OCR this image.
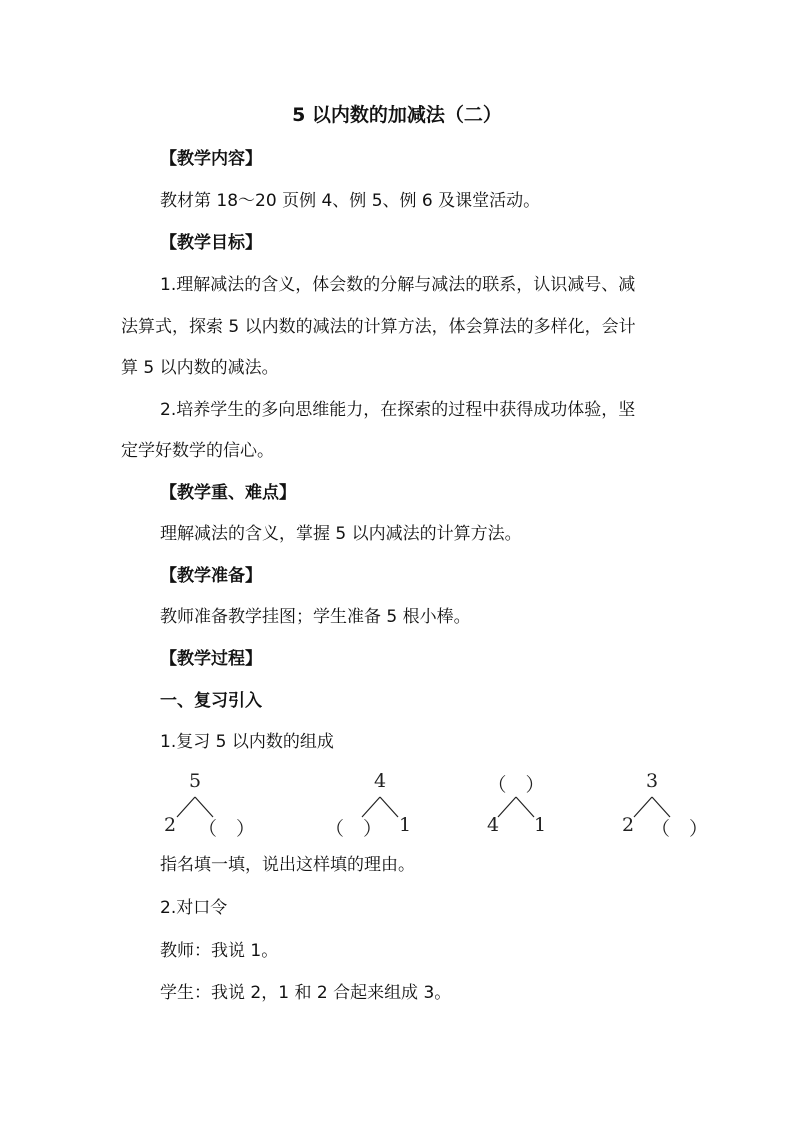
5 以内数的加减法（二）
【教学内容】
教材第 18～20 页例 4、例 5、例 6 及课堂活动。
【教学目标】
1.理解减法的含义，体会数的分解与减法的联系，认识减号、减
法算式，探索 5 以内数的减法的计算方法，体会算法的多样化，会计
算 5 以内数的减法。
2.培养学生的多向思维能力，在探索的过程中获得成功体验，坚
定学好数学的信心。
【教学重、难点】
理解减法的含义，掌握 5 以内减法的计算方法。
【教学准备】
教师准备教学挂图；学生准备 5 根小棒。
【教学过程】
一、复习引入
1.复习 5 以内数的组成
5
2	（　）
4
（　） 1
（　）
4	1
3
2 （　）
指名填一填，说出这样填的理由。
2.对口令
教师：我说 1。
学生：我说 2，1 和 2 合起来组成 3。
